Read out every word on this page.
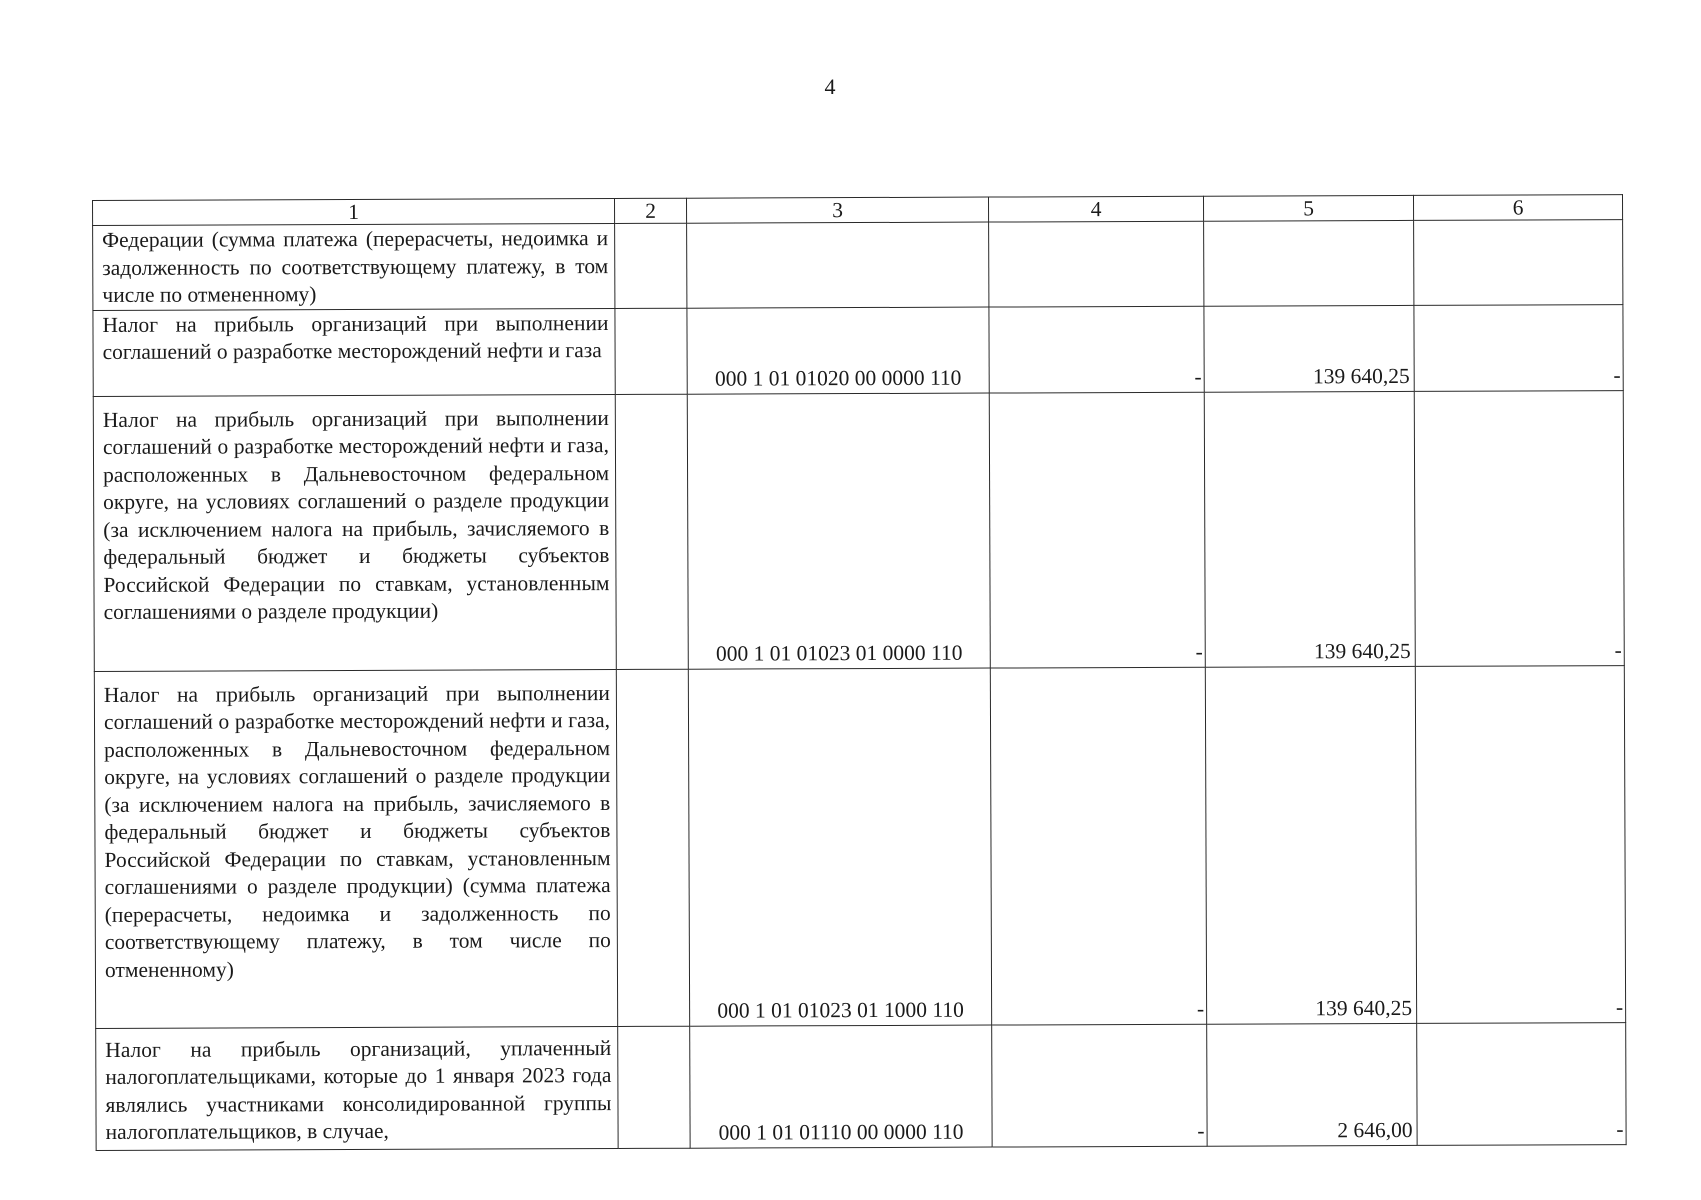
4
1	2	3	4	5	6
Федерации (сумма платежа (перерасчеты, недоимка и задолженность по соответствующему платежу, в том числе по отмененному)					
Налог на прибыль организаций при выполнении соглашений о разработке месторождений нефти и газа		000 1 01 01020 00 0000 110	-	139 640,25	-
Налог на прибыль организаций при выполнении соглашений о разработке месторождений нефти и газа, расположенных в Дальневосточном федеральном округе, на условиях соглашений о разделе продукции (за исключением налога на прибыль, зачисляемого в федеральный бюджет и бюджеты субъектов Российской Федерации по ставкам, установленным соглашениями о разделе продукции)		000 1 01 01023 01 0000 110	-	139 640,25	-
Налог на прибыль организаций при выполнении соглашений о разработке месторождений нефти и газа, расположенных в Дальневосточном федеральном округе, на условиях соглашений о разделе продукции (за исключением налога на прибыль, зачисляемого в федеральный бюджет и бюджеты субъектов Российской Федерации по ставкам, установленным соглашениями о разделе продукции) (сумма платежа (перерасчеты, недоимка и задолженность по соответствующему платежу, в том числе по отмененному)		000 1 01 01023 01 1000 110	-	139 640,25	-
Налог на прибыль организаций, уплаченный налогоплательщиками, которые до 1 января 2023 года являлись участниками консолидированной группы налогоплательщиков, в случае,		000 1 01 01110 00 0000 110	-	2 646,00	-
